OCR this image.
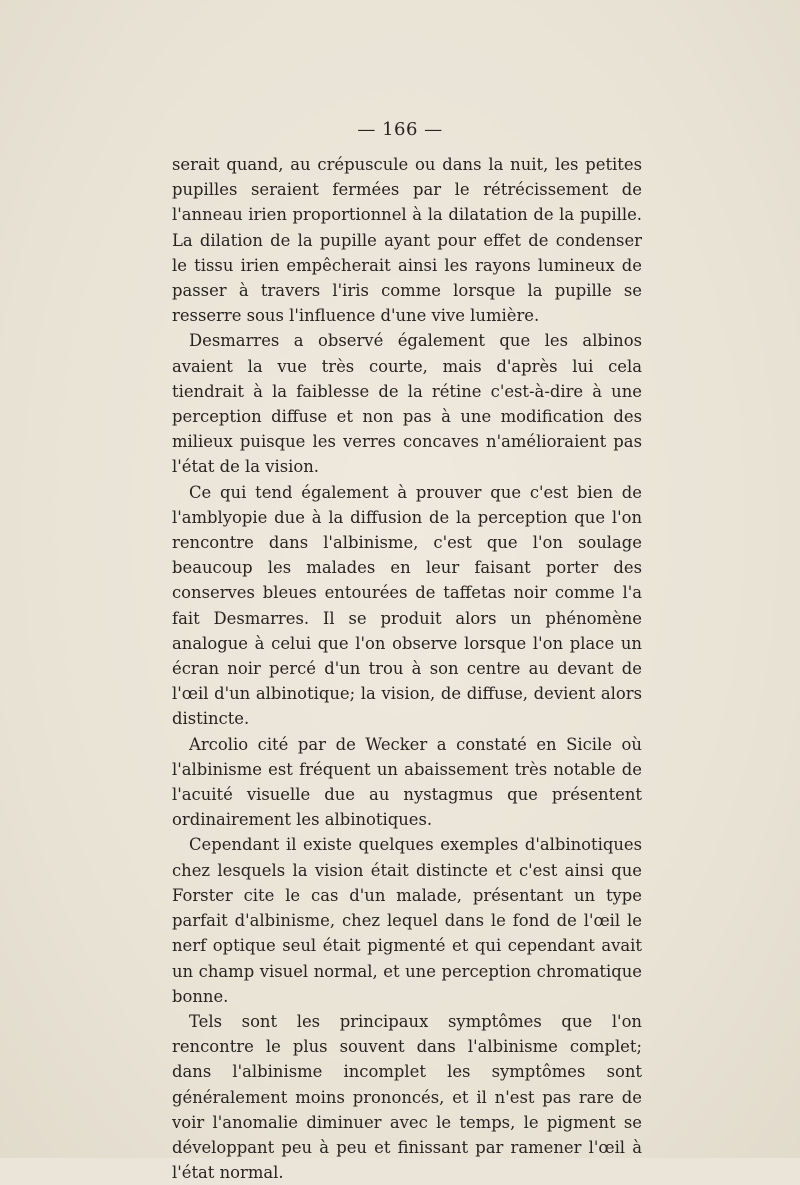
— 166 —

serait quand, au crépuscule ou dans la nuit, les petites pupilles seraient fermées par le rétrécissement de l'anneau irien proportionnel à la dilatation de la pupille. La dilation de la pupille ayant pour effet de condenser le tissu irien empêcherait ainsi les rayons lumineux de passer à travers l'iris comme lorsque la pupille se resserre sous l'influence d'une vive lumière.

Desmarres a observé également que les albinos avaient la vue très courte, mais d'après lui cela tiendrait à la faiblesse de la rétine c'est-à-dire à une perception diffuse et non pas à une modification des milieux puisque les verres concaves n'amélioraient pas l'état de la vision.

Ce qui tend également à prouver que c'est bien de l'amblyopie due à la diffusion de la perception que l'on rencontre dans l'albinisme, c'est que l'on soulage beaucoup les malades en leur faisant porter des conserves bleues entourées de taffetas noir comme l'a fait Desmarres. Il se produit alors un phénomène analogue à celui que l'on observe lorsque l'on place un écran noir percé d'un trou à son centre au devant de l'œil d'un albinotique; la vision, de diffuse, devient alors distincte.

Arcolio cité par de Wecker a constaté en Sicile où l'albinisme est fréquent un abaissement très notable de l'acuité visuelle due au nystagmus que présentent ordinairement les albinotiques.

Cependant il existe quelques exemples d'albinotiques chez lesquels la vision était distincte et c'est ainsi que Forster cite le cas d'un malade, présentant un type parfait d'albinisme, chez lequel dans le fond de l'œil le nerf optique seul était pigmenté et qui cependant avait un champ visuel normal, et une perception chromatique bonne.

Tels sont les principaux symptômes que l'on rencontre le plus souvent dans l'albinisme complet; dans l'albinisme incomplet les symptômes sont généralement moins prononcés, et il n'est pas rare de voir l'anomalie diminuer avec le temps, le pigment se développant peu à peu et finissant par ramener l'œil à l'état normal.
